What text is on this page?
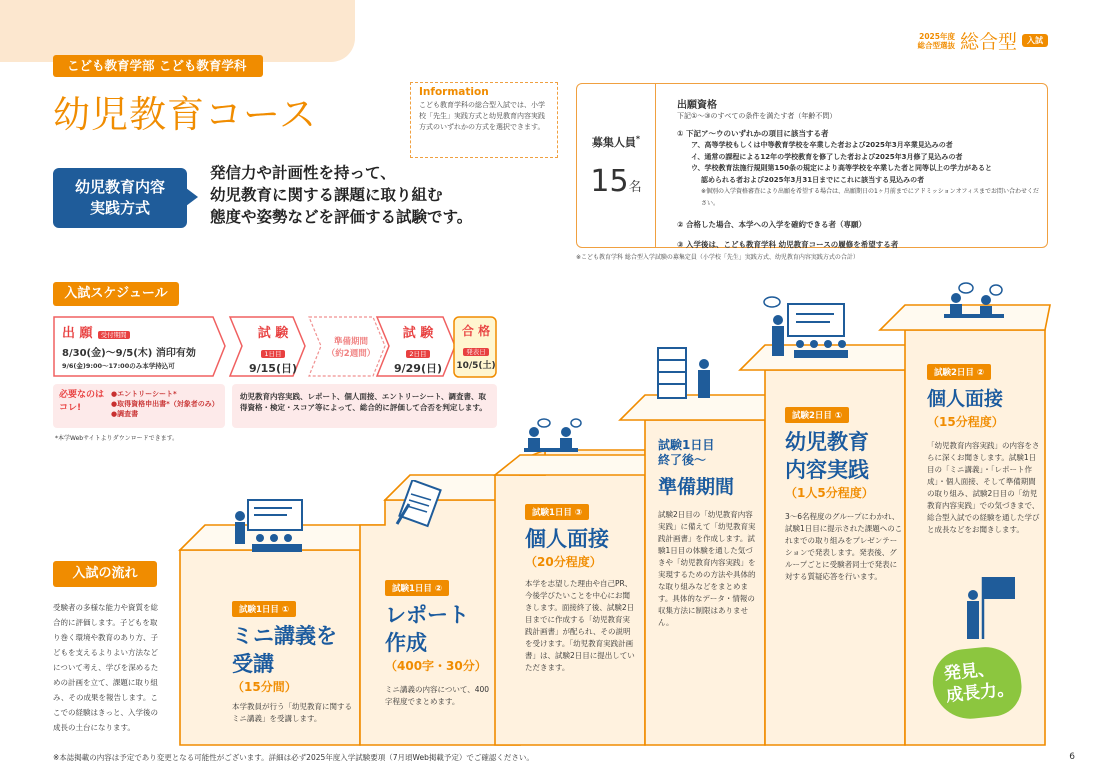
2025年度
総合型選抜 総合型	入試
こども教育学部 こども教育学科
幼児教育コース
Information
こども教育学科の総合型入試では、小学校「先生」実践方式と幼児教育内容実践方式のいずれかの方式を選択できます。
幼児教育内容
実践方式
発信力や計画性を持って、
幼児教育に関する課題に取り組む
態度や姿勢などを評価する試験です。
募集人員*
15名
出願資格
下記①～③のすべての条件を満たす者（年齢不問）
① 下記ア～ウのいずれかの項目に該当する者
ア、高等学校もしくは中等教育学校を卒業した者および2025年3月卒業見込みの者
イ、通常の課程による12年の学校教育を修了した者および2025年3月修了見込みの者
ウ、学校教育法施行規則第150条の規定により高等学校を卒業した者と同等以上の学力があると
認められる者および2025年3月31日までにこれに該当する見込みの者
※個別の入学資格審査により出願を希望する場合は、出願期日の1ヶ月前までにアドミッションオフィスまでお問い合わせください。
② 合格した場合、本学への入学を確約できる者（専願）
③ 入学後は、こども教育学科 幼児教育コースの履修を希望する者
※こども教育学科 総合型入学試験の募集定員（小学校「先生」実践方式、幼児教育内容実践方式の合計）
入試スケジュール
出 願 受付期間
8/30(金)～9/5(木) 消印有効
9/6(金)9:00～17:00のみ本学持込可
試 験
1日目
9/15(日)
準備期間
（約2週間）
試 験
2日目
9/29(日)
合 格
発表日
10/5(土)
必要なのは コレ!
●エントリーシート*
●取得資格申出書*（対象者のみ）
●調査書
*本学Webサイトよりダウンロードできます。
幼児教育内容実践、レポート、個人面接、エントリーシート、調査書、取得資格・検定・スコア等によって、総合的に評価して合否を判定します。
入試の流れ
受験者の多様な能力や資質を総合的に評価します。子どもを取り巻く環境や教育のあり方、子どもを支えるよりよい方法などについて考え、学びを深めるための計画を立て、課題に取り組み、その成果を報告します。ここでの経験はきっと、入学後の成長の土台になります。
試験1日目 ①
ミニ講義を
受講
（15分間）
本学教員が行う「幼児教育に関するミニ講義」を受講します。
試験1日目 ②
レポート
作成
（400字・30分）
ミニ講義の内容について、400字程度でまとめます。
試験1日目 ③
個人面接
（20分程度）
本学を志望した理由や自己PR、今後学びたいことを中心にお聞きします。面接終了後、試験2日目までに作成する「幼児教育実践計画書」が配られ、その説明を受けます。「幼児教育実践計画書」は、試験2日目に提出していただきます。
試験1日目
終了後～
準備期間
試験2日目の「幼児教育内容実践」に備えて「幼児教育実践計画書」を作成します。試験1日目の体験を通した気づきや「幼児教育内容実践」を実現するための方法や具体的な取り組みなどをまとめます。具体的なデータ・情報の収集方法に制限はありません。
試験2日目 ①
幼児教育
内容実践
（1人5分程度）
3～6名程度のグループにわかれ、試験1日目に提示された課題へのこれまでの取り組みをプレゼンテーションで発表します。発表後、グループごとに受験者同士で発表に対する質疑応答を行います。
試験2日目 ②
個人面接
（15分程度）
「幼児教育内容実践」の内容をさらに深くお聞きします。試験1日目の「ミニ講義」・「レポート作成」・個人面接、そして準備期間の取り組み、試験2日目の「幼児教育内容実践」での気づきまで、総合型入試での経験を通した学びと成長などをお聞きします。
発見、
成長力。
※本誌掲載の内容は予定であり変更となる可能性がございます。詳細は必ず2025年度入学試験要項（7月頃Web掲載予定）でご確認ください。	6
